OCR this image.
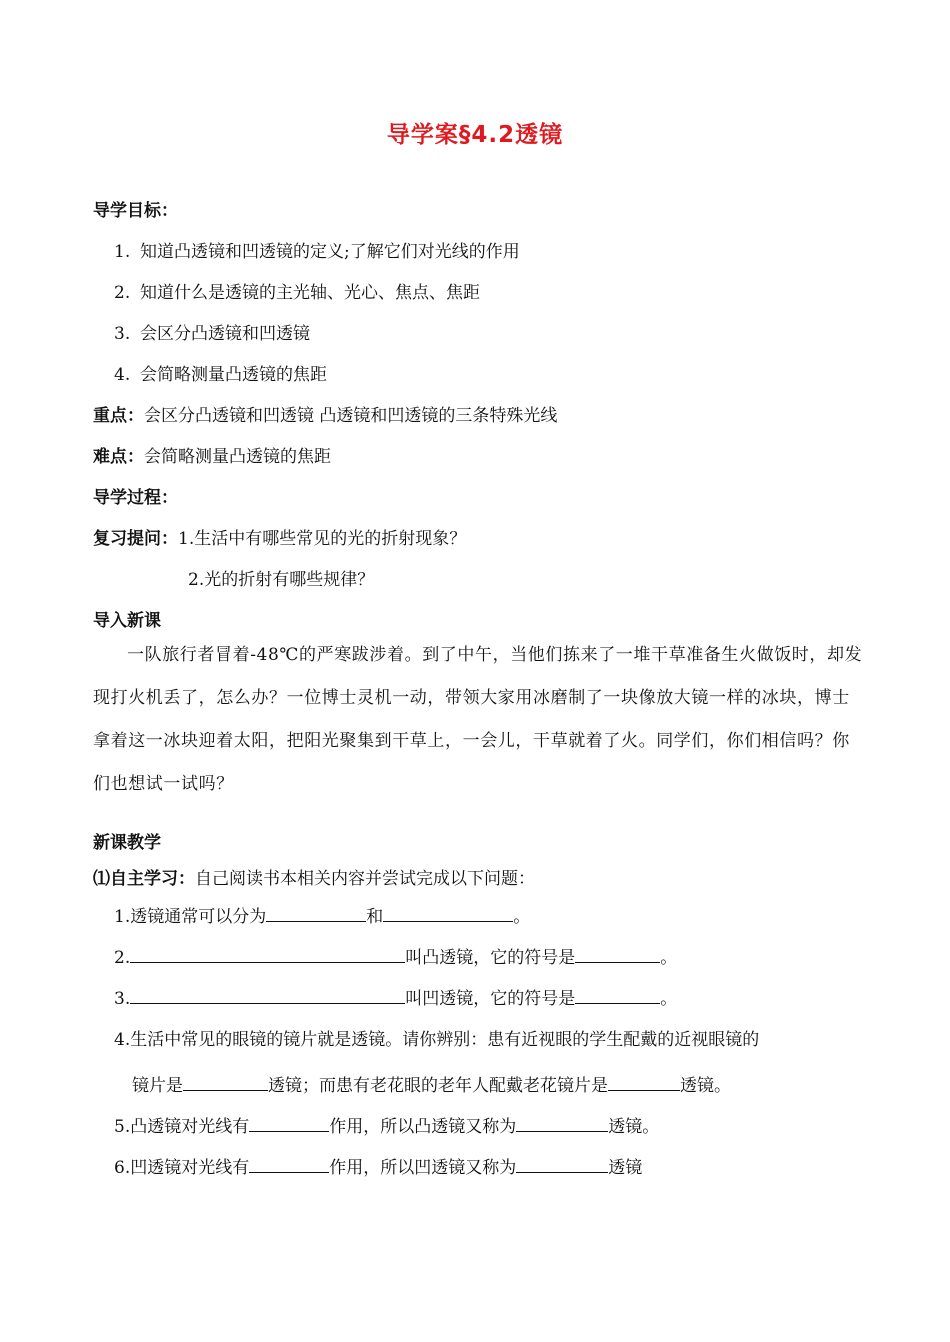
导学案§4.2透镜
导学目标：
1. 知道凸透镜和凹透镜的定义;了解它们对光线的作用
2. 知道什么是透镜的主光轴、光心、焦点、焦距
3. 会区分凸透镜和凹透镜
4. 会简略测量凸透镜的焦距
重点：会区分凸透镜和凹透镜 凸透镜和凹透镜的三条特殊光线
难点：会简略测量凸透镜的焦距
导学过程：
复习提问：1.生活中有哪些常见的光的折射现象？
2.光的折射有哪些规律？
导入新课
一队旅行者冒着-48℃的严寒跋涉着。到了中午，当他们拣来了一堆干草准备生火做饭时，却发现打火机丢了，怎么办？一位博士灵机一动，带领大家用冰磨制了一块像放大镜一样的冰块，博士拿着这一冰块迎着太阳，把阳光聚集到干草上，一会儿，干草就着了火。同学们，你们相信吗？你们也想试一试吗？
新课教学
⑴自主学习：自己阅读书本相关内容并尝试完成以下问题：
1.透镜通常可以分为	和	。
2.	叫凸透镜，它的符号是	。
3.	叫凹透镜，它的符号是	。
4.生活中常见的眼镜的镜片就是透镜。请你辨别：患有近视眼的学生配戴的近视眼镜的
镜片是	透镜；而患有老花眼的老年人配戴老花镜片是	透镜。
5.凸透镜对光线有	作用，所以凸透镜又称为	透镜。
6.凹透镜对光线有	作用，所以凹透镜又称为	透镜
